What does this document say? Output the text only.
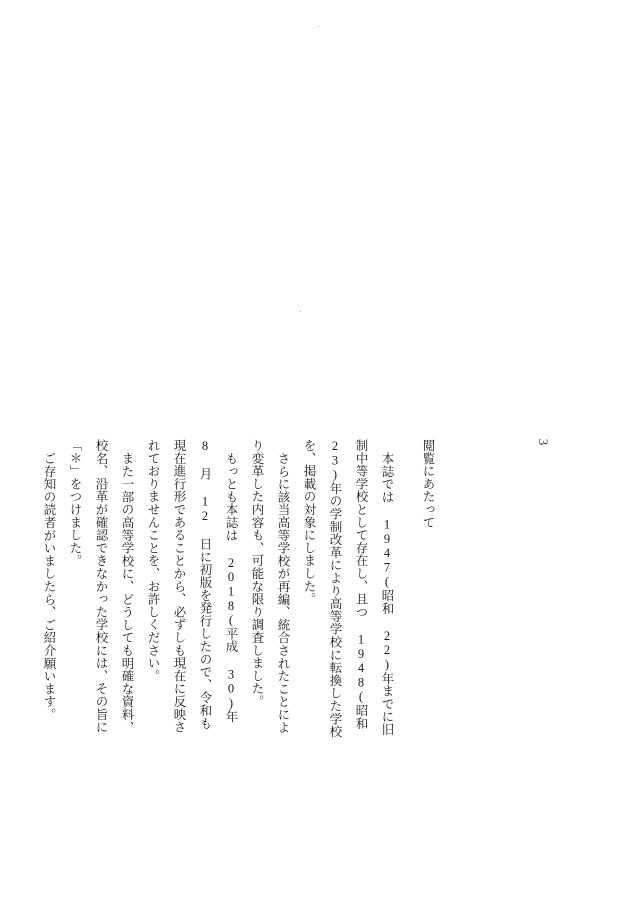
閲覧にあたって

本誌では 1947(昭和 22)年までに旧制中等学校として存在し、且つ 1948(昭和 23)年の学制改革により高等学校に転換した学校を、掲載の対象にしました。

さらに該当高等学校が再編、統合されたことにより変革した内容も、可能な限り調査しました。

もっとも本誌は 2018(平成 30)年 8 月 12 日に初版を発行したので、令和も現在進行形であることから、必ずしも現在に反映されておりませんことを、お許しください。

また一部の高等学校に、どうしても明確な資料、校名、沿革が確認できなかった学校には、その旨に「＊」をつけました。

ご存知の読者がいましたら、ご紹介願います。

3
